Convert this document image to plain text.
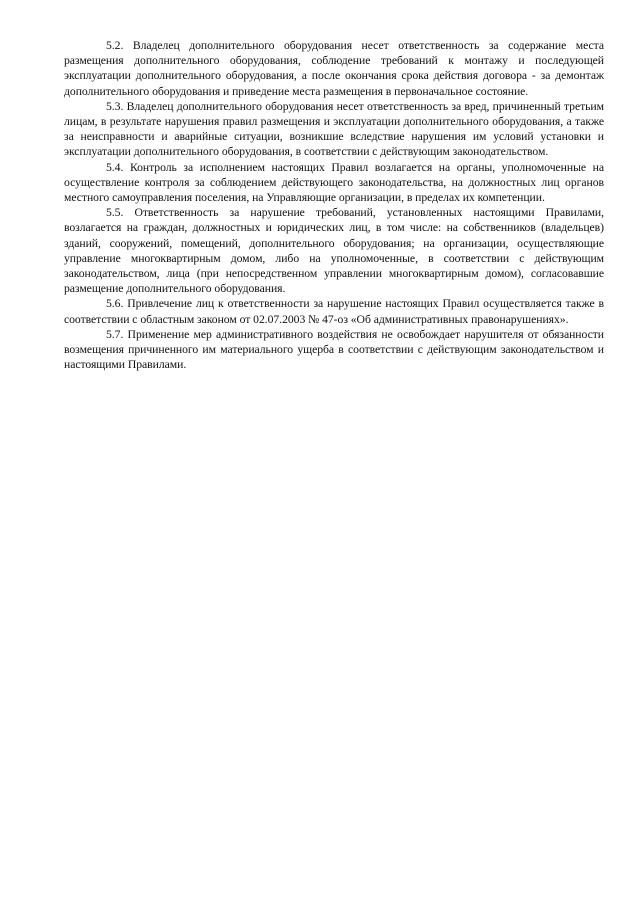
5.2. Владелец дополнительного оборудования несет ответственность за содержание места размещения дополнительного оборудования, соблюдение требований к монтажу и последующей эксплуатации дополнительного оборудования, а после окончания срока действия договора - за демонтаж дополнительного оборудования и приведение места размещения в первоначальное состояние.

5.3. Владелец дополнительного оборудования несет ответственность за вред, причиненный третьим лицам, в результате нарушения правил размещения и эксплуатации дополнительного оборудования, а также за неисправности и аварийные ситуации, возникшие вследствие нарушения им условий установки и эксплуатации дополнительного оборудования, в соответствии с действующим законодательством.

5.4. Контроль за исполнением настоящих Правил возлагается на органы, уполномоченные на осуществление контроля за соблюдением действующего законодательства, на должностных лиц органов местного самоуправления поселения, на Управляющие организации, в пределах их компетенции.

5.5. Ответственность за нарушение требований, установленных настоящими Правилами, возлагается на граждан, должностных и юридических лиц, в том числе: на собственников (владельцев) зданий, сооружений, помещений, дополнительного оборудования; на организации, осуществляющие управление многоквартирным домом, либо на уполномоченные, в соответствии с действующим законодательством, лица (при непосредственном управлении многоквартирным домом), согласовавшие размещение дополнительного оборудования.

5.6. Привлечение лиц к ответственности за нарушение настоящих Правил осуществляется также в соответствии с областным законом от 02.07.2003 № 47-оз «Об административных правонарушениях».

5.7. Применение мер административного воздействия не освобождает нарушителя от обязанности возмещения причиненного им материального ущерба в соответствии с действующим законодательством и настоящими Правилами.
